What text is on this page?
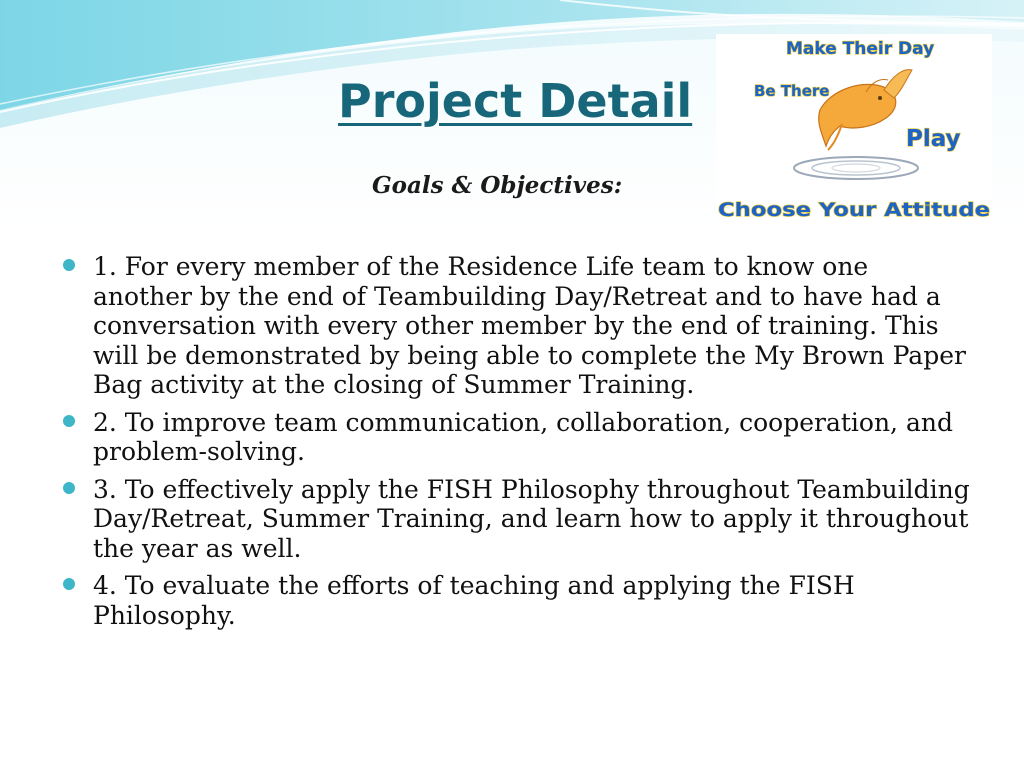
Project Detail

Goals & Objectives:

Make Their Day
Be There
Play
Choose Your Attitude
1. For every member of the Residence Life team to know one another by the end of Teambuilding Day/Retreat and to have had a conversation with every other member by the end of training. This will be demonstrated by being able to complete the My Brown Paper Bag activity at the closing of Summer Training.
2. To improve team communication, collaboration, cooperation, and problem-solving.
3. To effectively apply the FISH Philosophy throughout Teambuilding Day/Retreat, Summer Training, and learn how to apply it throughout the year as well.
4. To evaluate the efforts of teaching and applying the FISH Philosophy.
